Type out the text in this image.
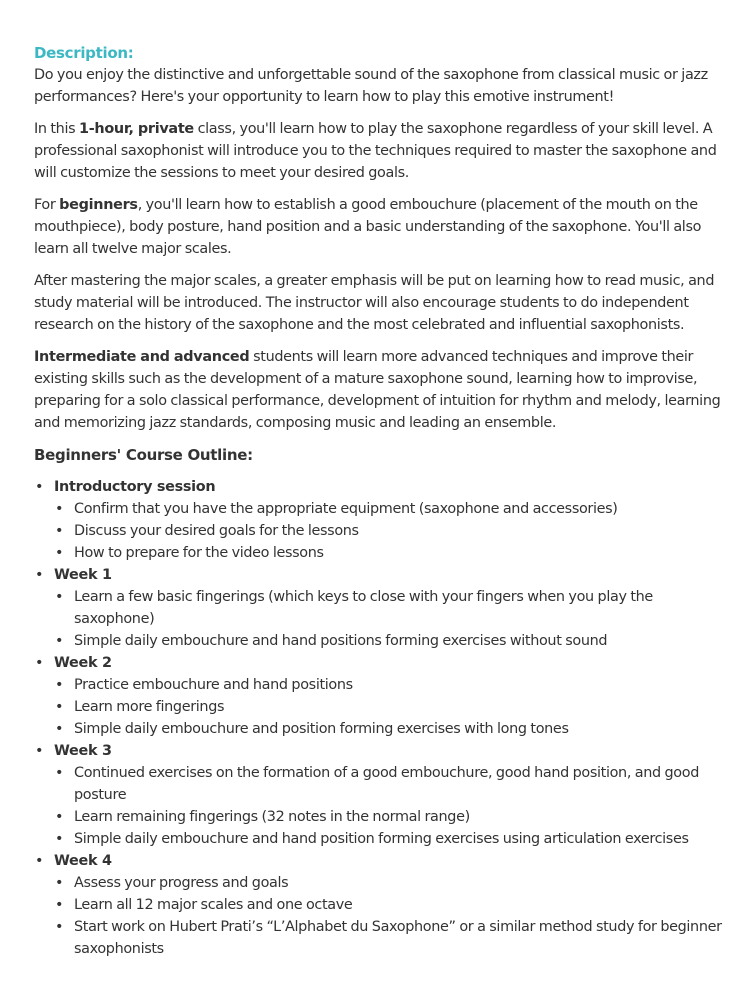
Description:

Do you enjoy the distinctive and unforgettable sound of the saxophone from classical music or jazz performances? Here's your opportunity to learn how to play this emotive instrument!

In this 1-hour, private class, you'll learn how to play the saxophone regardless of your skill level. A professional saxophonist will introduce you to the techniques required to master the saxophone and will customize the sessions to meet your desired goals.

For beginners, you'll learn how to establish a good embouchure (placement of the mouth on the mouthpiece), body posture, hand position and a basic understanding of the saxophone. You'll also learn all twelve major scales.

After mastering the major scales, a greater emphasis will be put on learning how to read music, and study material will be introduced. The instructor will also encourage students to do independent research on the history of the saxophone and the most celebrated and influential saxophonists.

Intermediate and advanced students will learn more advanced techniques and improve their existing skills such as the development of a mature saxophone sound, learning how to improvise, preparing for a solo classical performance, development of intuition for rhythm and melody, learning and memorizing jazz standards, composing music and leading an ensemble.

Beginners' Course Outline:
• Introductory session
• Confirm that you have the appropriate equipment (saxophone and accessories)
• Discuss your desired goals for the lessons
• How to prepare for the video lessons
• Week 1
• Learn a few basic fingerings (which keys to close with your fingers when you play the saxophone)
• Simple daily embouchure and hand positions forming exercises without sound
• Week 2
• Practice embouchure and hand positions
• Learn more fingerings
• Simple daily embouchure and position forming exercises with long tones
• Week 3
• Continued exercises on the formation of a good embouchure, good hand position, and good posture
• Learn remaining fingerings (32 notes in the normal range)
• Simple daily embouchure and hand position forming exercises using articulation exercises
• Week 4
• Assess your progress and goals
• Learn all 12 major scales and one octave
• Start work on Hubert Prati’s “L’Alphabet du Saxophone” or a similar method study for beginner saxophonists
